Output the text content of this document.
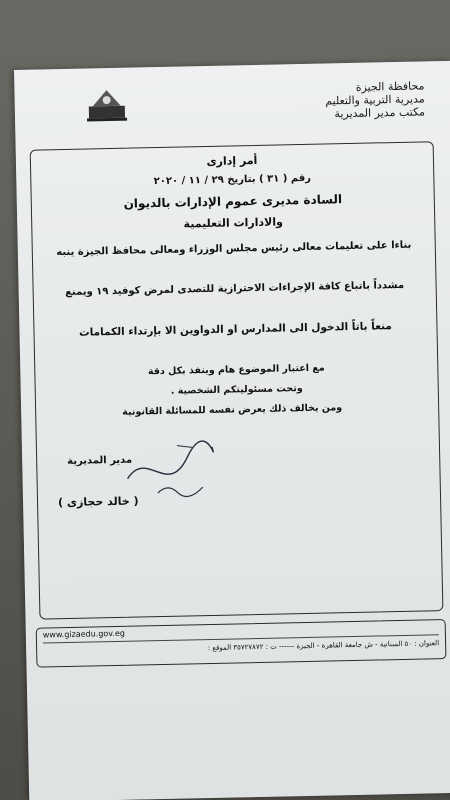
محافظة الجيزة
مديرية التربية والتعليم
مكتب مدير المديرية
أمر إدارى
رقم ( ٣١ ) بتاريخ ٢٩ / ١١ / ٢٠٢٠
السادة مديرى عموم الإدارات بالديوان
والادارات التعليمية
بناءا على تعليمات معالى رئيس مجلس الوزراء ومعالى محافظ الجيزة ينبه
مشدداً باتباع كافة الإجراءات الاحترازية للتصدى لمرض كوفيد ١٩ ويمنع
منعاً باتاً الدخول الى المدارس او الدواوين الا بإرتداء الكمامات
مع اعتبار الموضوع هام وينفذ بكل دقة
وتحت مسئوليتكم الشخصية .
ومن يخالف ذلك يعرض نفسه للمسائلة القانونية
مدير المديرية
( خالد حجازى )
www.gizaedu.gov.eg
العنوان : ٥٠ السنانية - ش جامعة القاهرة - الجيزة ------ ت : ٣٥٧٢٧٨٧٢ الموقع :
